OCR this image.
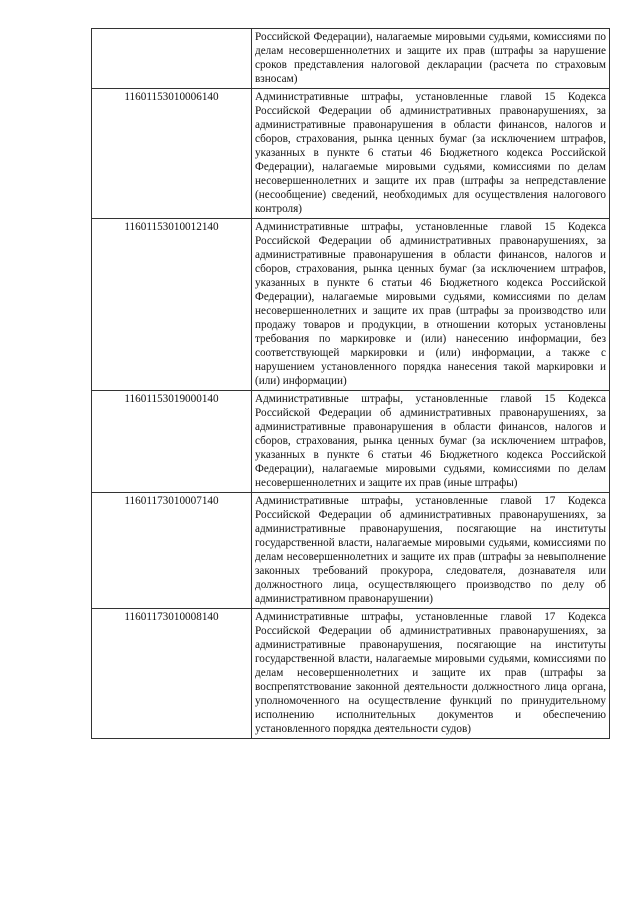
	Российской Федерации), налагаемые мировыми судьями, комиссиями по делам несовершеннолетних и защите их прав (штрафы за нарушение сроков представления налоговой декларации (расчета по страховым взносам)
11601153010006140	Административные штрафы, установленные главой 15 Кодекса Российской Федерации об административных правонарушениях, за административные правонарушения в области финансов, налогов и сборов, страхования, рынка ценных бумаг (за исключением штрафов, указанных в пункте 6 статьи 46 Бюджетного кодекса Российской Федерации), налагаемые мировыми судьями, комиссиями по делам несовершеннолетних и защите их прав (штрафы за непредставление (несообщение) сведений, необходимых для осуществления налогового контроля)
11601153010012140	Административные штрафы, установленные главой 15 Кодекса Российской Федерации об административных правонарушениях, за административные правонарушения в области финансов, налогов и сборов, страхования, рынка ценных бумаг (за исключением штрафов, указанных в пункте 6 статьи 46 Бюджетного кодекса Российской Федерации), налагаемые мировыми судьями, комиссиями по делам несовершеннолетних и защите их прав (штрафы за производство или продажу товаров и продукции, в отношении которых установлены требования по маркировке и (или) нанесению информации, без соответствующей маркировки и (или) информации, а также с нарушением установленного порядка нанесения такой маркировки и (или) информации)
11601153019000140	Административные штрафы, установленные главой 15 Кодекса Российской Федерации об административных правонарушениях, за административные правонарушения в области финансов, налогов и сборов, страхования, рынка ценных бумаг (за исключением штрафов, указанных в пункте 6 статьи 46 Бюджетного кодекса Российской Федерации), налагаемые мировыми судьями, комиссиями по делам несовершеннолетних и защите их прав (иные штрафы)
11601173010007140	Административные штрафы, установленные главой 17 Кодекса Российской Федерации об административных правонарушениях, за административные правонарушения, посягающие на институты государственной власти, налагаемые мировыми судьями, комиссиями по делам несовершеннолетних и защите их прав (штрафы за невыполнение законных требований прокурора, следователя, дознавателя или должностного лица, осуществляющего производство по делу об административном правонарушении)
11601173010008140	Административные штрафы, установленные главой 17 Кодекса Российской Федерации об административных правонарушениях, за административные правонарушения, посягающие на институты государственной власти, налагаемые мировыми судьями, комиссиями по делам несовершеннолетних и защите их прав (штрафы за воспрепятствование законной деятельности должностного лица органа, уполномоченного на осуществление функций по принудительному исполнению исполнительных документов и обеспечению установленного порядка деятельности судов)
